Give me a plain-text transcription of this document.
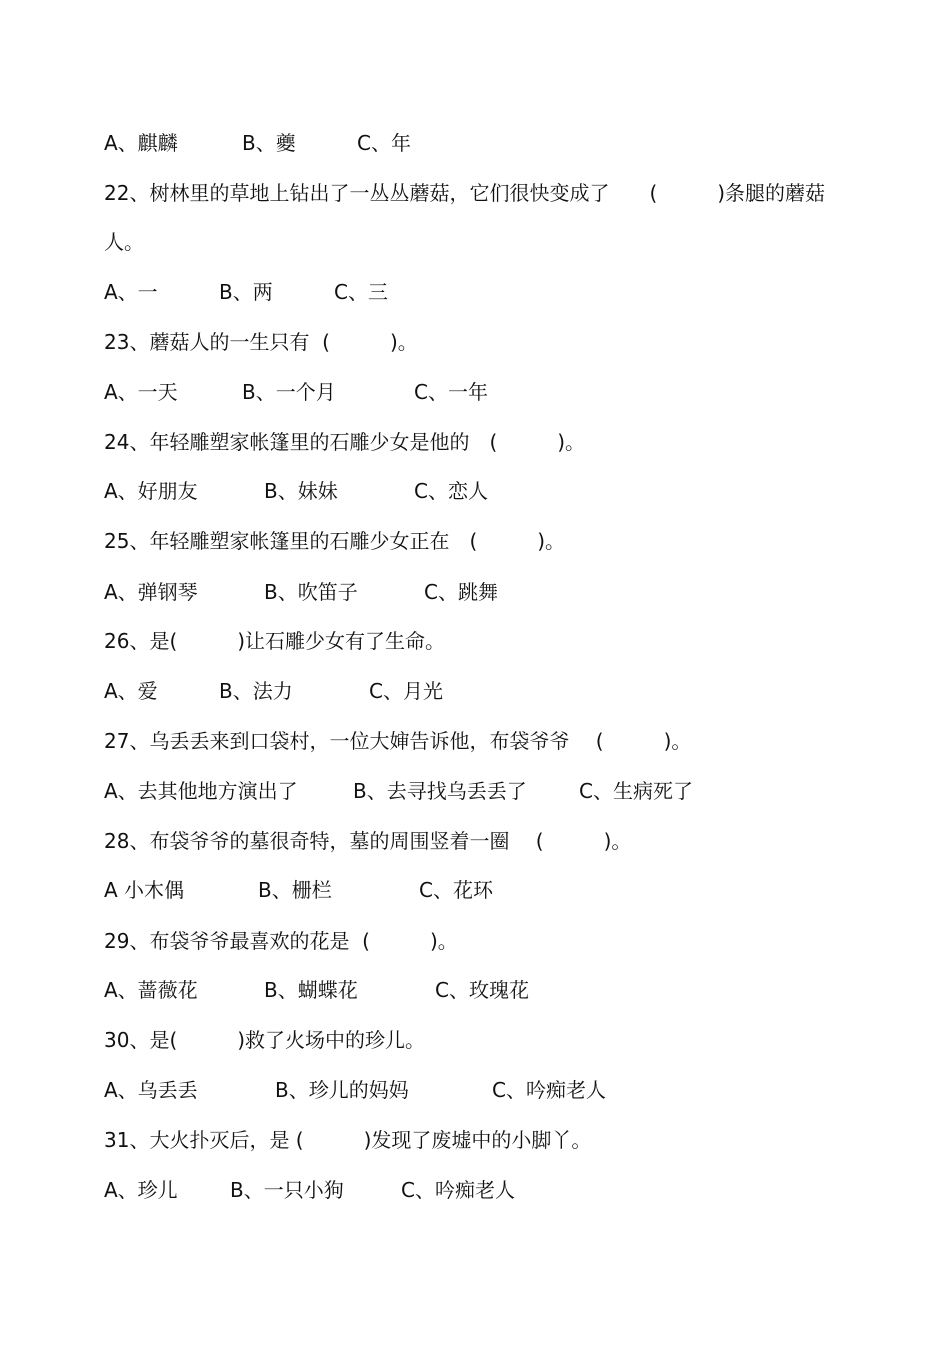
A、麒麟	B、夔	C、年
22、树林里的草地上钻出了一丛丛蘑菇，它们很快变成了　　(　　　)条腿的蘑菇
人。
A、一	B、两	C、三
23、蘑菇人的一生只有  (　　　)。
A、一天	B、一个月	C、一年
24、年轻雕塑家帐篷里的石雕少女是他的　(　　　)。
A、好朋友	B、妹妹	C、恋人
25、年轻雕塑家帐篷里的石雕少女正在　(　　　)。
A、弹钢琴	B、吹笛子	C、跳舞
26、是(　　　)让石雕少女有了生命。
A、爱	B、法力	C、月光
27、乌丢丢来到口袋村，一位大婶告诉他，布袋爷爷　 (　　　)。
A、去其他地方演出了	B、去寻找乌丢丢了	C、生病死了
28、布袋爷爷的墓很奇特，墓的周围竖着一圈　 (　　　)。
A 小木偶	B、栅栏	C、花环
29、布袋爷爷最喜欢的花是  (　　　)。
A、蔷薇花	B、蝴蝶花	C、玫瑰花
30、是(　　　)救了火场中的珍儿。
A、乌丢丢	B、珍儿的妈妈	C、吟痴老人
31、大火扑灭后，是 (　　　)发现了废墟中的小脚丫。
A、珍儿	B、一只小狗	C、吟痴老人
